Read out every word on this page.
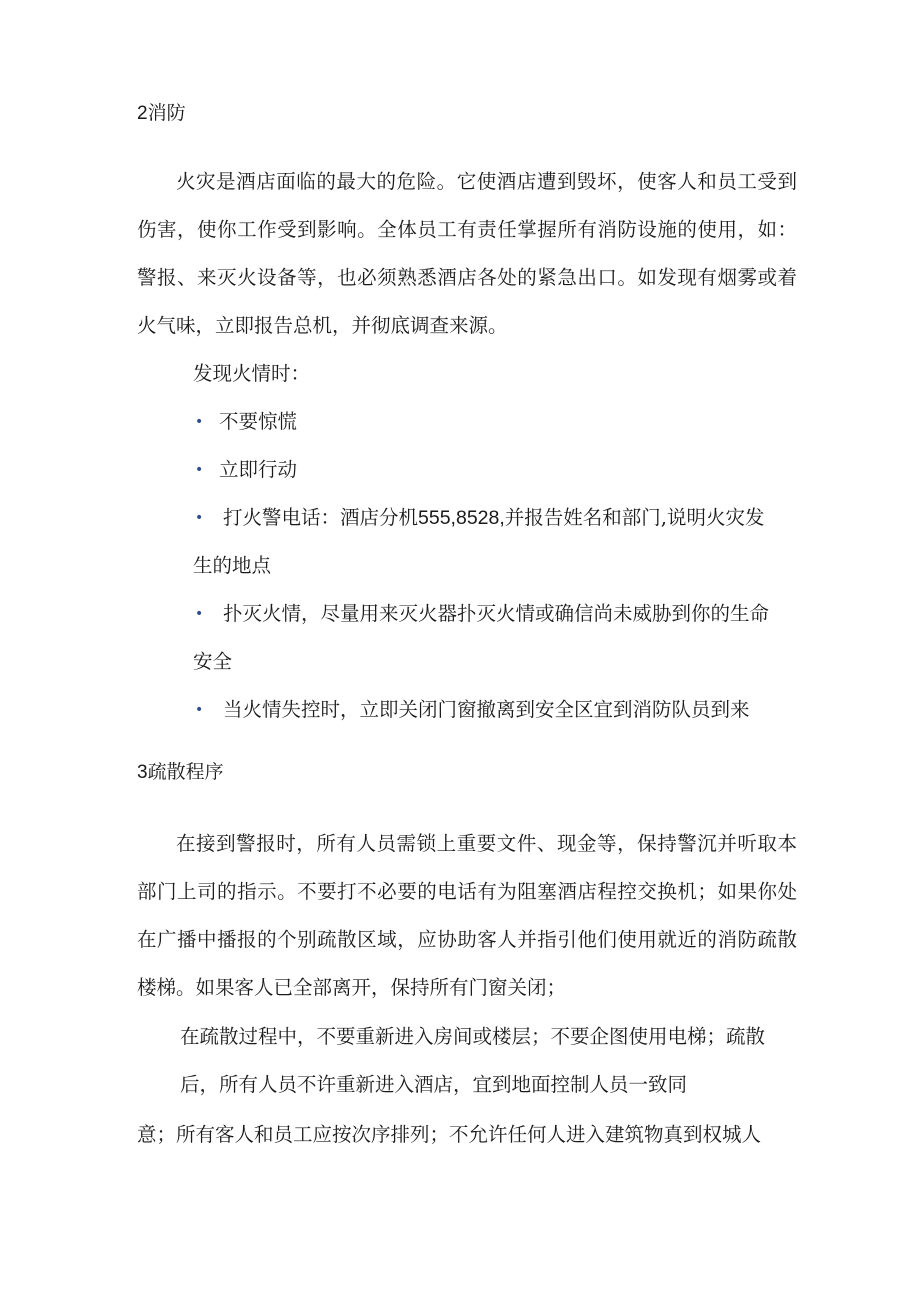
2消防

火灾是酒店面临的最大的危险。它使酒店遭到毁坏，使客人和员工受到伤害，使你工作受到影响。全体员工有责任掌握所有消防设施的使用，如：警报、来灭火设备等，也必须熟悉酒店各处的紧急出口。如发现有烟雾或着火气味，立即报告总机，并彻底调查来源。

发现火情时：

• 不要惊慌
• 立即行动
• 打火警电话：酒店分机555,8528,并报告姓名和部门,说明火灾发
生的地点
• 扑灭火情，尽量用来灭火器扑灭火情或确信尚未威胁到你的生命
安全
• 当火情失控时，立即关闭门窗撤离到安全区宜到消防队员到来
3疏散程序

在接到警报时，所有人员需锁上重要文件、现金等，保持警沉并听取本部门上司的指示。不要打不必要的电话有为阻塞酒店程控交换机；如果你处在广播中播报的个别疏散区域，应协助客人并指引他们使用就近的消防疏散楼梯。如果客人已全部离开，保持所有门窗关闭；

在疏散过程中，不要重新进入房间或楼层；不要企图使用电梯；疏散

后，所有人员不许重新进入酒店，宜到地面控制人员一致同

意；所有客人和员工应按次序排列；不允许任何人进入建筑物真到权城人
